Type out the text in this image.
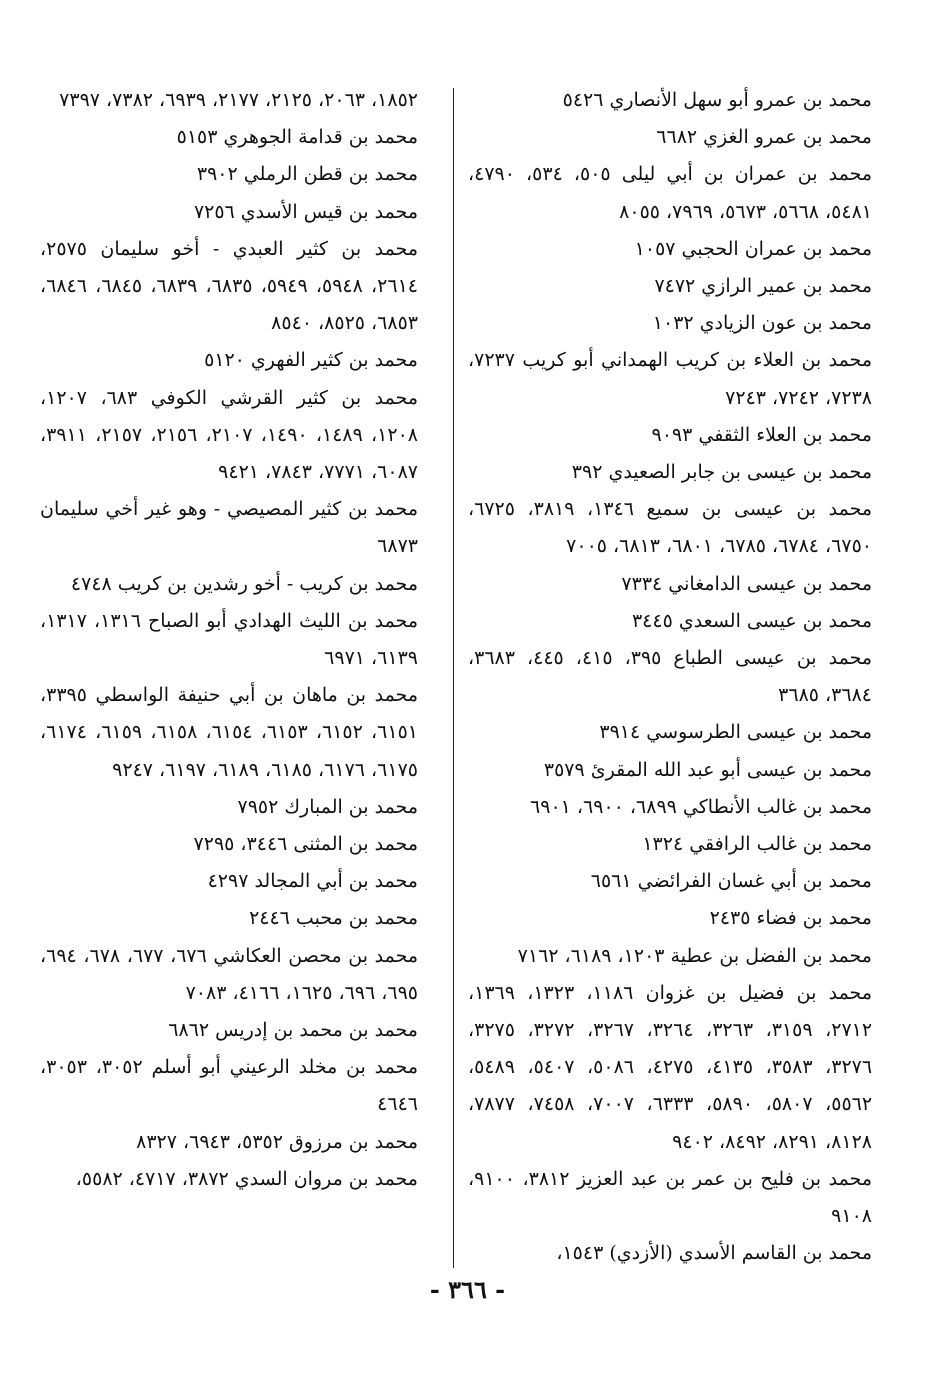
محمد بن عمرو أبو سهل الأنصاري ٥٤٢٦
محمد بن عمرو الغزي ٦٦٨٢
محمد بن عمران بن أبي ليلى ٥٠٥، ٥٣٤، ٤٧٩٠، ٥٤٨١، ٥٦٦٨، ٥٦٧٣، ٧٩٦٩، ٨٠٥٥
محمد بن عمران الحجبي ١٠٥٧
محمد بن عمير الرازي ٧٤٧٢
محمد بن عون الزيادي ١٠٣٢
محمد بن العلاء بن كريب الهمداني أبو كريب ٧٢٣٧، ٧٢٣٨، ٧٢٤٢، ٧٢٤٣
محمد بن العلاء الثقفي ٩٠٩٣
محمد بن عيسى بن جابر الصعيدي ٣٩٢
محمد بن عيسى بن سميع ١٣٤٦، ٣٨١٩، ٦٧٢٥، ٦٧٥٠، ٦٧٨٤، ٦٧٨٥، ٦٨٠١، ٦٨١٣، ٧٠٠٥
محمد بن عيسى الدامغاني ٧٣٣٤
محمد بن عيسى السعدي ٣٤٤٥
محمد بن عيسى الطباع ٣٩٥، ٤١٥، ٤٤٥، ٣٦٨٣، ٣٦٨٤، ٣٦٨٥
محمد بن عيسى الطرسوسي ٣٩١٤
محمد بن عيسى أبو عبد الله المقرئ ٣٥٧٩
محمد بن غالب الأنطاكي ٦٨٩٩، ٦٩٠٠، ٦٩٠١
محمد بن غالب الرافقي ١٣٢٤
محمد بن أبي غسان الفرائضي ٦٥٦١
محمد بن فضاء ٢٤٣٥
محمد بن الفضل بن عطية ١٢٠٣، ٦١٨٩، ٧١٦٢
محمد بن فضيل بن غزوان ١١٨٦، ١٣٢٣، ١٣٦٩، ٢٧١٢، ٣١٥٩، ٣٢٦٣، ٣٢٦٤، ٣٢٦٧، ٣٢٧٢، ٣٢٧٥، ٣٢٧٦، ٣٥٨٣، ٤١٣٥، ٤٢٧٥، ٥٠٨٦، ٥٤٠٧، ٥٤٨٩، ٥٥٦٢، ٥٨٠٧، ٥٨٩٠، ٦٣٣٣، ٧٠٠٧، ٧٤٥٨، ٧٨٧٧، ٨١٢٨، ٨٢٩١، ٨٤٩٢، ٩٤٠٢
محمد بن فليح بن عمر بن عبد العزيز ٣٨١٢، ٩١٠٠، ٩١٠٨
محمد بن القاسم الأسدي (الأزدي) ١٥٤٣،
١٨٥٢، ٢٠٦٣، ٢١٢٥، ٢١٧٧، ٦٩٣٩، ٧٣٨٢، ٧٣٩٧
محمد بن قدامة الجوهري ٥١٥٣
محمد بن قطن الرملي ٣٩٠٢
محمد بن قيس الأسدي ٧٢٥٦
محمد بن كثير العبدي - أخو سليمان ٢٥٧٥، ٢٦١٤، ٥٩٤٨، ٥٩٤٩، ٦٨٣٥، ٦٨٣٩، ٦٨٤٥، ٦٨٤٦، ٦٨٥٣، ٨٥٢٥، ٨٥٤٠
محمد بن كثير الفهري ٥١٢٠
محمد بن كثير القرشي الكوفي ٦٨٣، ١٢٠٧، ١٢٠٨، ١٤٨٩، ١٤٩٠، ٢١٠٧، ٢١٥٦، ٢١٥٧، ٣٩١١، ٦٠٨٧، ٧٧٧١، ٧٨٤٣، ٩٤٢١
محمد بن كثير المصيصي - وهو غير أخي سليمان ٦٨٧٣
محمد بن كريب - أخو رشدين بن كريب ٤٧٤٨
محمد بن الليث الهدادي أبو الصباح ١٣١٦، ١٣١٧، ٦١٣٩، ٦٩٧١
محمد بن ماهان بن أبي حنيفة الواسطي ٣٣٩٥، ٦١٥١، ٦١٥٢، ٦١٥٣، ٦١٥٤، ٦١٥٨، ٦١٥٩، ٦١٧٤، ٦١٧٥، ٦١٧٦، ٦١٨٥، ٦١٨٩، ٦١٩٧، ٩٢٤٧
محمد بن المبارك ٧٩٥٢
محمد بن المثنى ٣٤٤٦، ٧٢٩٥
محمد بن أبي المجالد ٤٢٩٧
محمد بن محبب ٢٤٤٦
محمد بن محصن العكاشي ٦٧٦، ٦٧٧، ٦٧٨، ٦٩٤، ٦٩٥، ٦٩٦، ١٦٢٥، ٤١٦٦، ٧٠٨٣
محمد بن محمد بن إدريس ٦٨٦٢
محمد بن مخلد الرعيني أبو أسلم ٣٠٥٢، ٣٠٥٣، ٤٦٤٦
محمد بن مرزوق ٥٣٥٢، ٦٩٤٣، ٨٣٢٧
محمد بن مروان السدي ٣٨٧٢، ٤٧١٧، ٥٥٨٢،
- ٣٦٦ -
